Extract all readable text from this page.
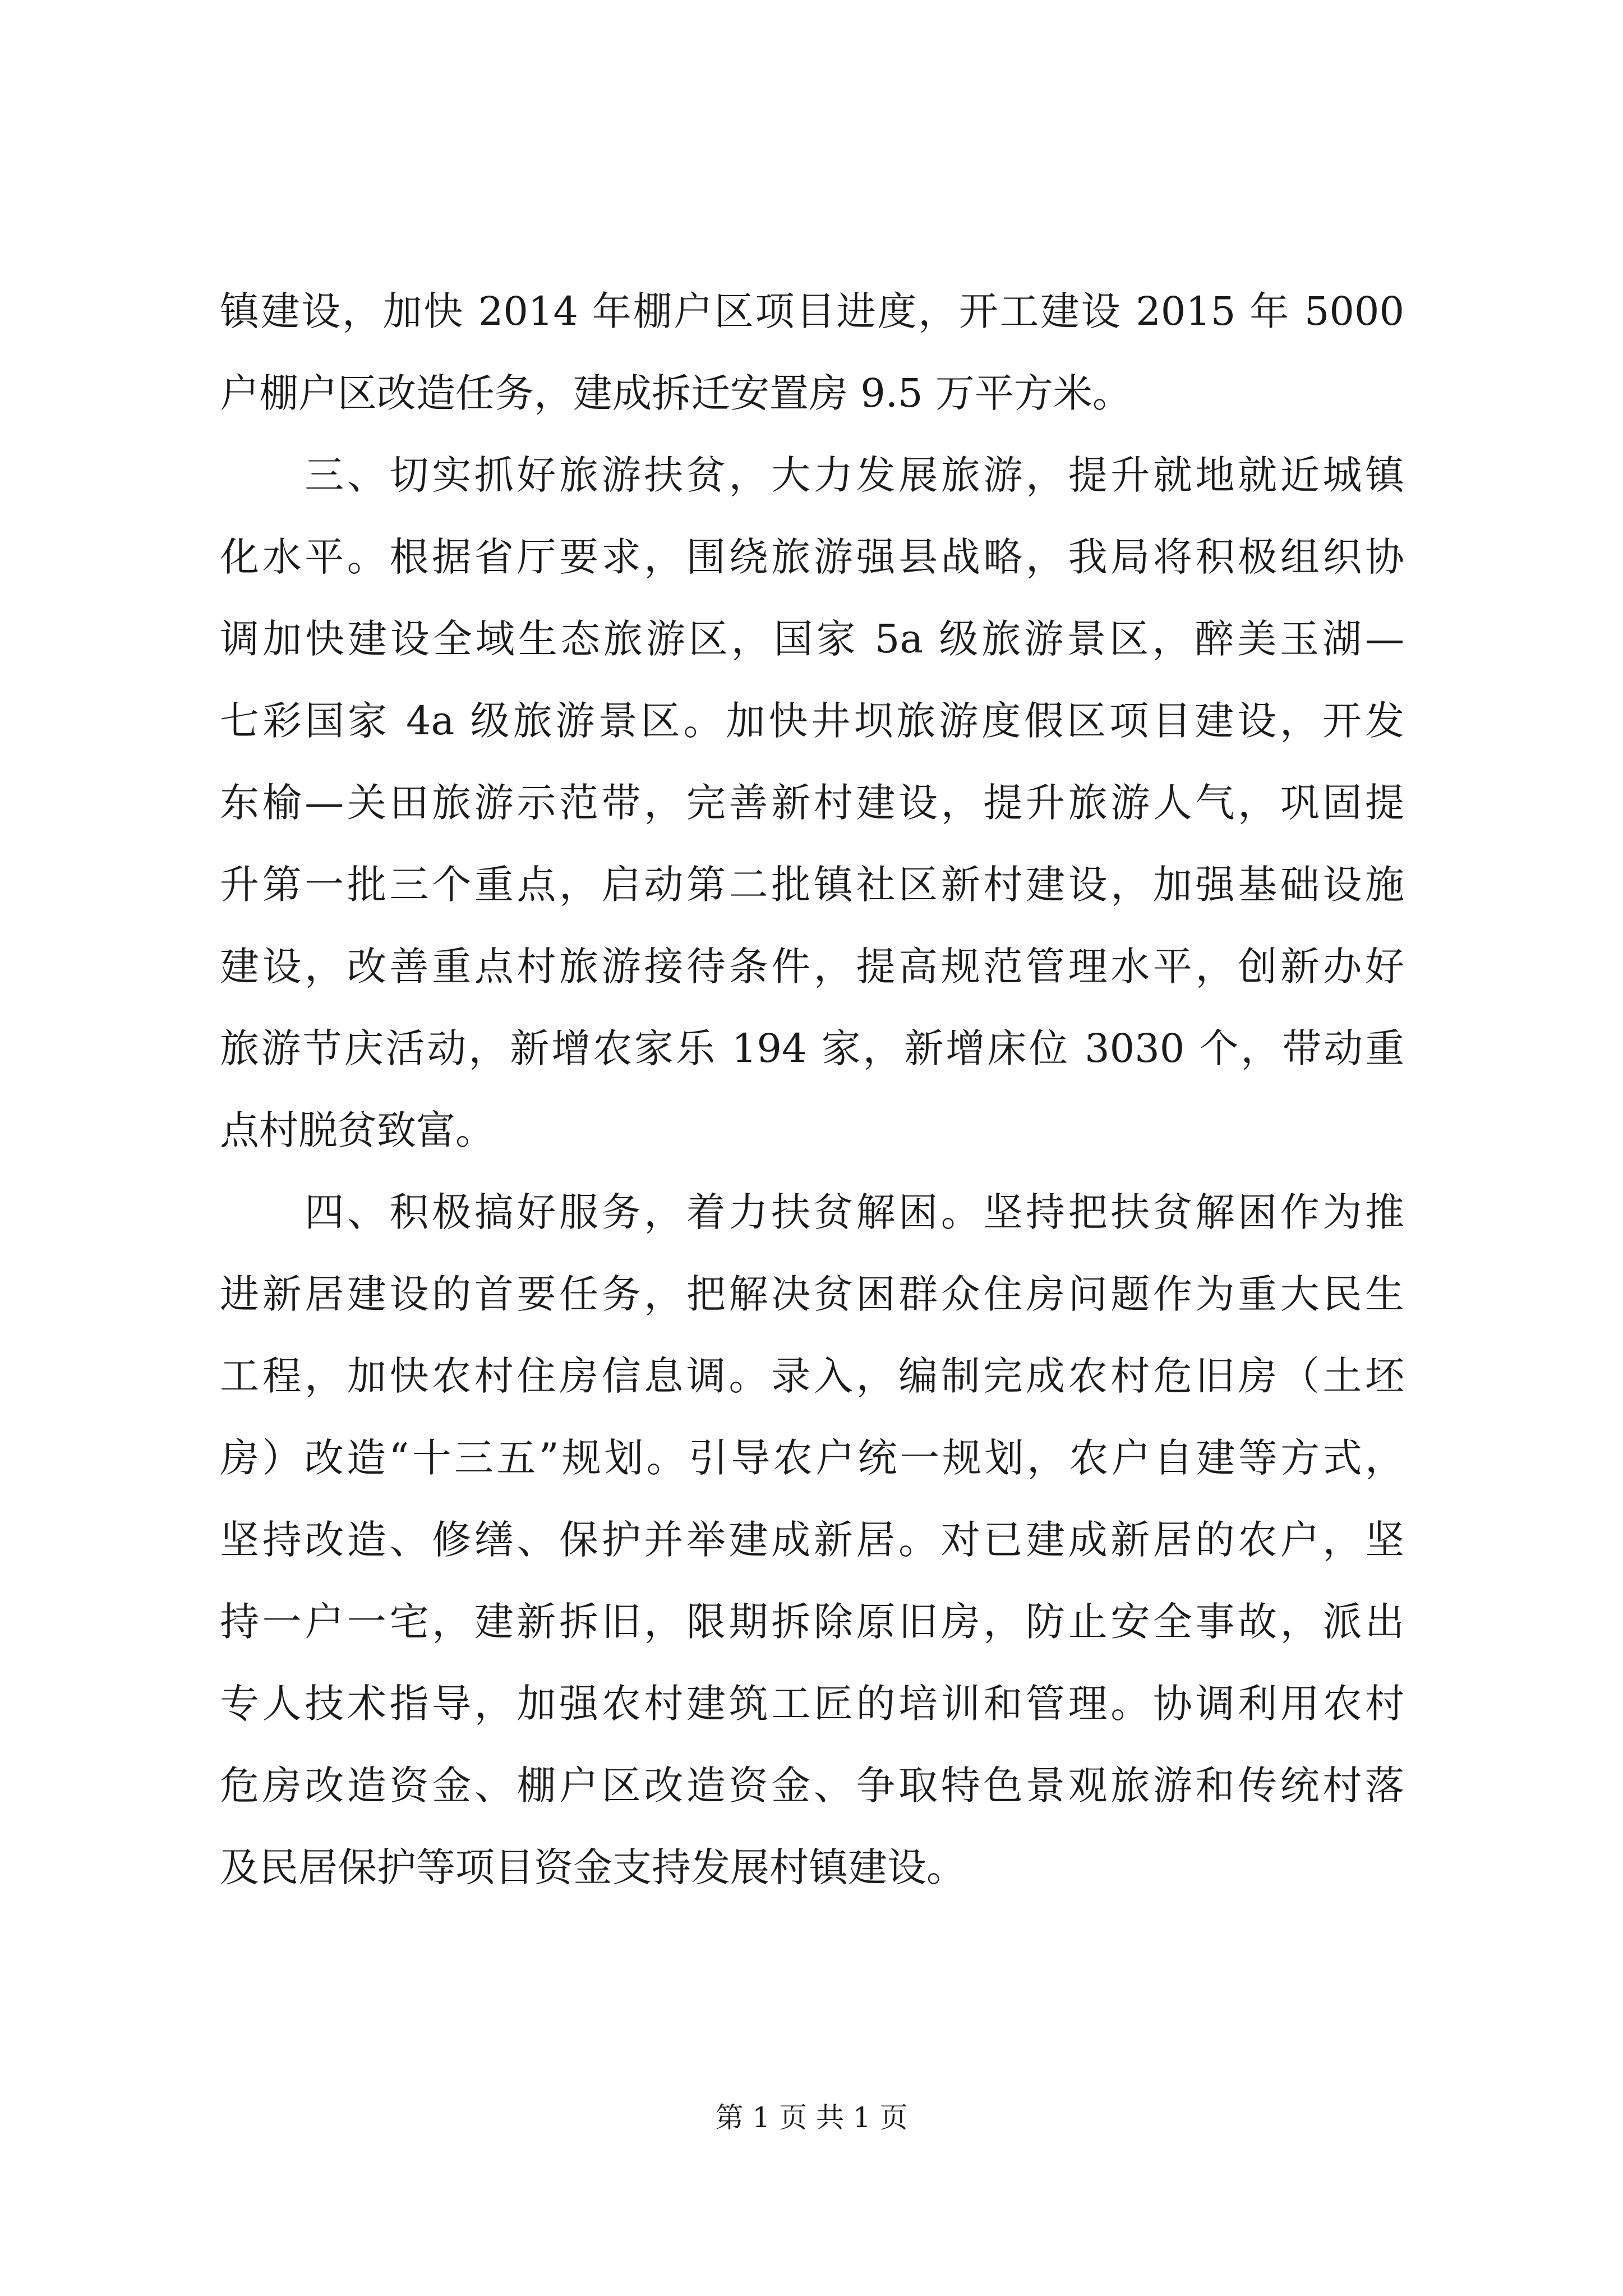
镇建设，加快 2014 年棚户区项目进度，开工建设 2015 年 5000
户棚户区改造任务，建成拆迁安置房 9.5 万平方米。
　　三、切实抓好旅游扶贫，大力发展旅游，提升就地就近城镇
化水平。根据省厅要求，围绕旅游强县战略，我局将积极组织协
调加快建设全域生态旅游区，国家 5a 级旅游景区，醉美玉湖—
七彩国家 4a 级旅游景区。加快井坝旅游度假区项目建设，开发
东榆—关田旅游示范带，完善新村建设，提升旅游人气，巩固提
升第一批三个重点，启动第二批镇社区新村建设，加强基础设施
建设，改善重点村旅游接待条件，提高规范管理水平，创新办好
旅游节庆活动，新增农家乐 194 家，新增床位 3030 个，带动重
点村脱贫致富。
　　四、积极搞好服务，着力扶贫解困。坚持把扶贫解困作为推
进新居建设的首要任务，把解决贫困群众住房问题作为重大民生
工程，加快农村住房信息调。录入，编制完成农村危旧房（土坯
房）改造“十三五”规划。引导农户统一规划，农户自建等方式，
坚持改造、修缮、保护并举建成新居。对已建成新居的农户，坚
持一户一宅，建新拆旧，限期拆除原旧房，防止安全事故，派出
专人技术指导，加强农村建筑工匠的培训和管理。协调利用农村
危房改造资金、棚户区改造资金、争取特色景观旅游和传统村落
及民居保护等项目资金支持发展村镇建设。
第 1 页 共 1 页
